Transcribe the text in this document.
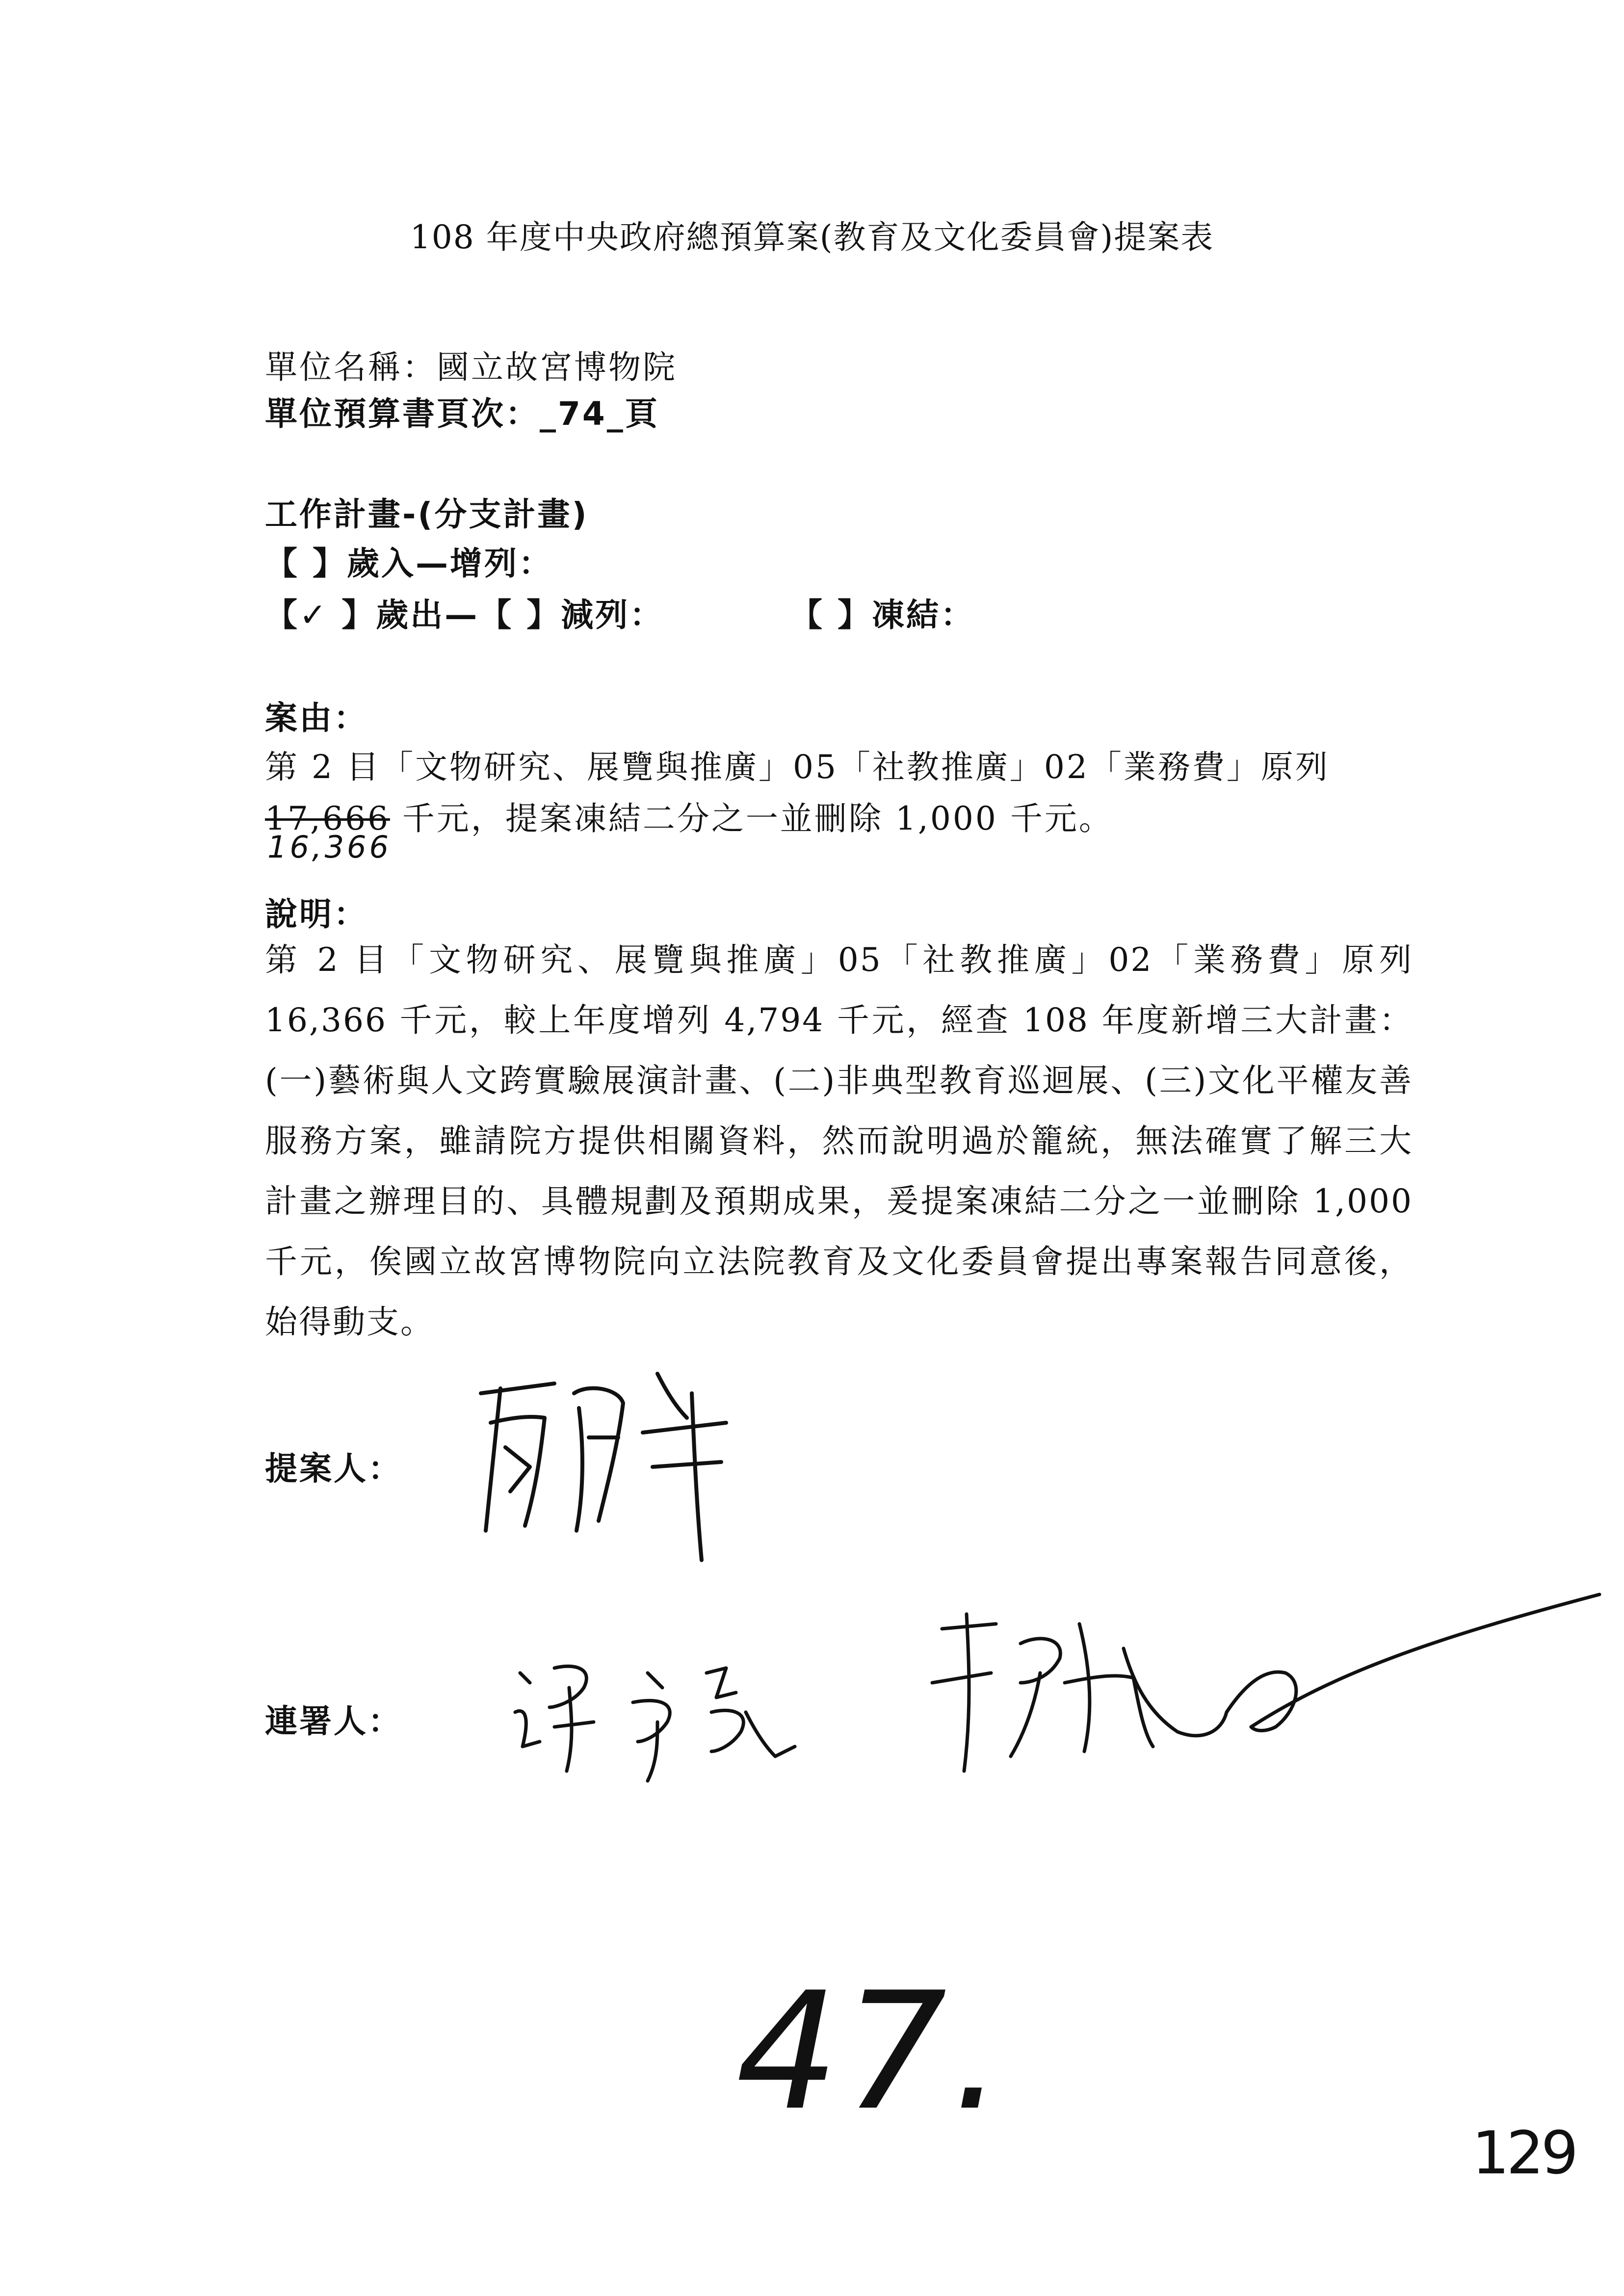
108 年度中央政府總預算案(教育及文化委員會)提案表
單位名稱：國立故宮博物院
單位預算書頁次：_74_頁
工作計畫-(分支計畫)
【 】歲入—增列：
【✓ 】歲出—【 】減列：	【 】凍結：
案由：
第 2 目「文物研究、展覽與推廣」05「社教推廣」02「業務費」原列
17,666 千元，提案凍結二分之一並刪除 1,000 千元。
16,366
說明：
第 2 目「文物研究、展覽與推廣」05「社教推廣」02「業務費」原列 16,366 千元，較上年度增列 4,794 千元，經查 108 年度新增三大計畫：(一)藝術與人文跨實驗展演計畫、(二)非典型教育巡迴展、(三)文化平權友善服務方案，雖請院方提供相關資料，然而說明過於籠統，無法確實了解三大計畫之辦理目的、具體規劃及預期成果，爰提案凍結二分之一並刪除 1,000 千元，俟國立故宮博物院向立法院教育及文化委員會提出專案報告同意後，始得動支。
提案人：
連署人：
47.
129
